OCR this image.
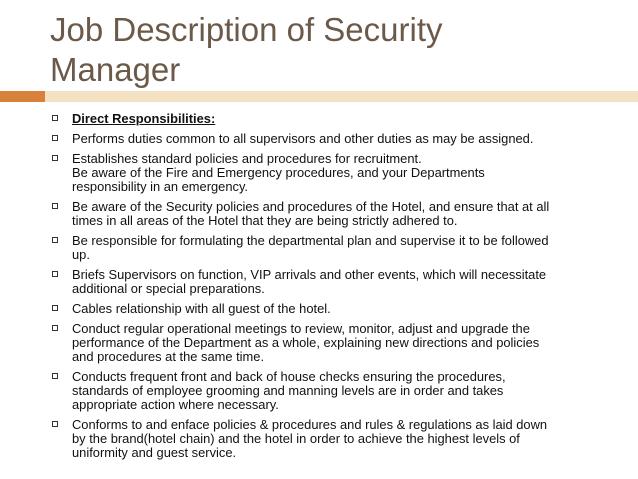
Job Description of Security
Manager
Direct Responsibilities:
Performs duties common to all supervisors and other duties as may be assigned.
Establishes standard policies and procedures for recruitment.
Be aware of the Fire and Emergency procedures, and your Departments
responsibility in an emergency.
Be aware of the Security policies and procedures of the Hotel, and ensure that at all
times in all areas of the Hotel that they are being strictly adhered to.
Be responsible for formulating the departmental plan and supervise it to be followed
up.
Briefs Supervisors on function, VIP arrivals and other events, which will necessitate
additional or special preparations.
Cables relationship with all guest of the hotel.
Conduct regular operational meetings to review, monitor, adjust and upgrade the
performance of the Department as a whole, explaining new directions and policies
and procedures at the same time.
Conducts frequent front and back of house checks ensuring the procedures,
standards of employee grooming and manning levels are in order and takes
appropriate action where necessary.
Conforms to and enface policies & procedures and rules & regulations as laid down
by the brand(hotel chain) and the hotel in order to achieve the highest levels of
uniformity and guest service.
